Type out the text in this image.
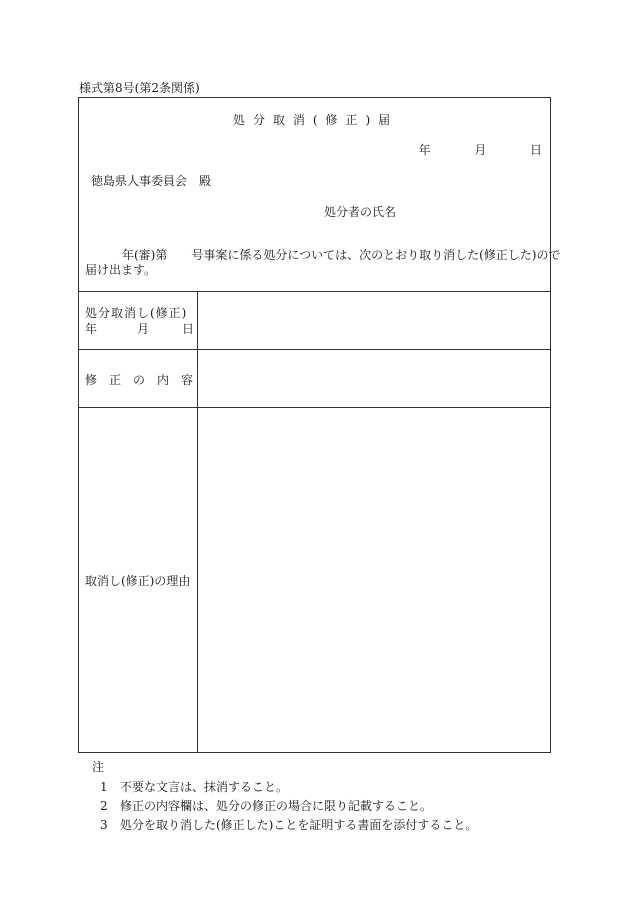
様式第8号(第2条関係)
処分取消(修正)届
年	月	日
徳島県人事委員会　殿
処分者の氏名
年(審)第　　号事案に係る処分については、次のとおり取り消した(修正した)ので
届け出ます。
処分取消し(修正)
年	月	日
修正の内容
取消し(修正)の理由
注
1 不要な文言は、抹消すること。
2 修正の内容欄は、処分の修正の場合に限り記載すること。
3 処分を取り消した(修正した)ことを証明する書面を添付すること。
